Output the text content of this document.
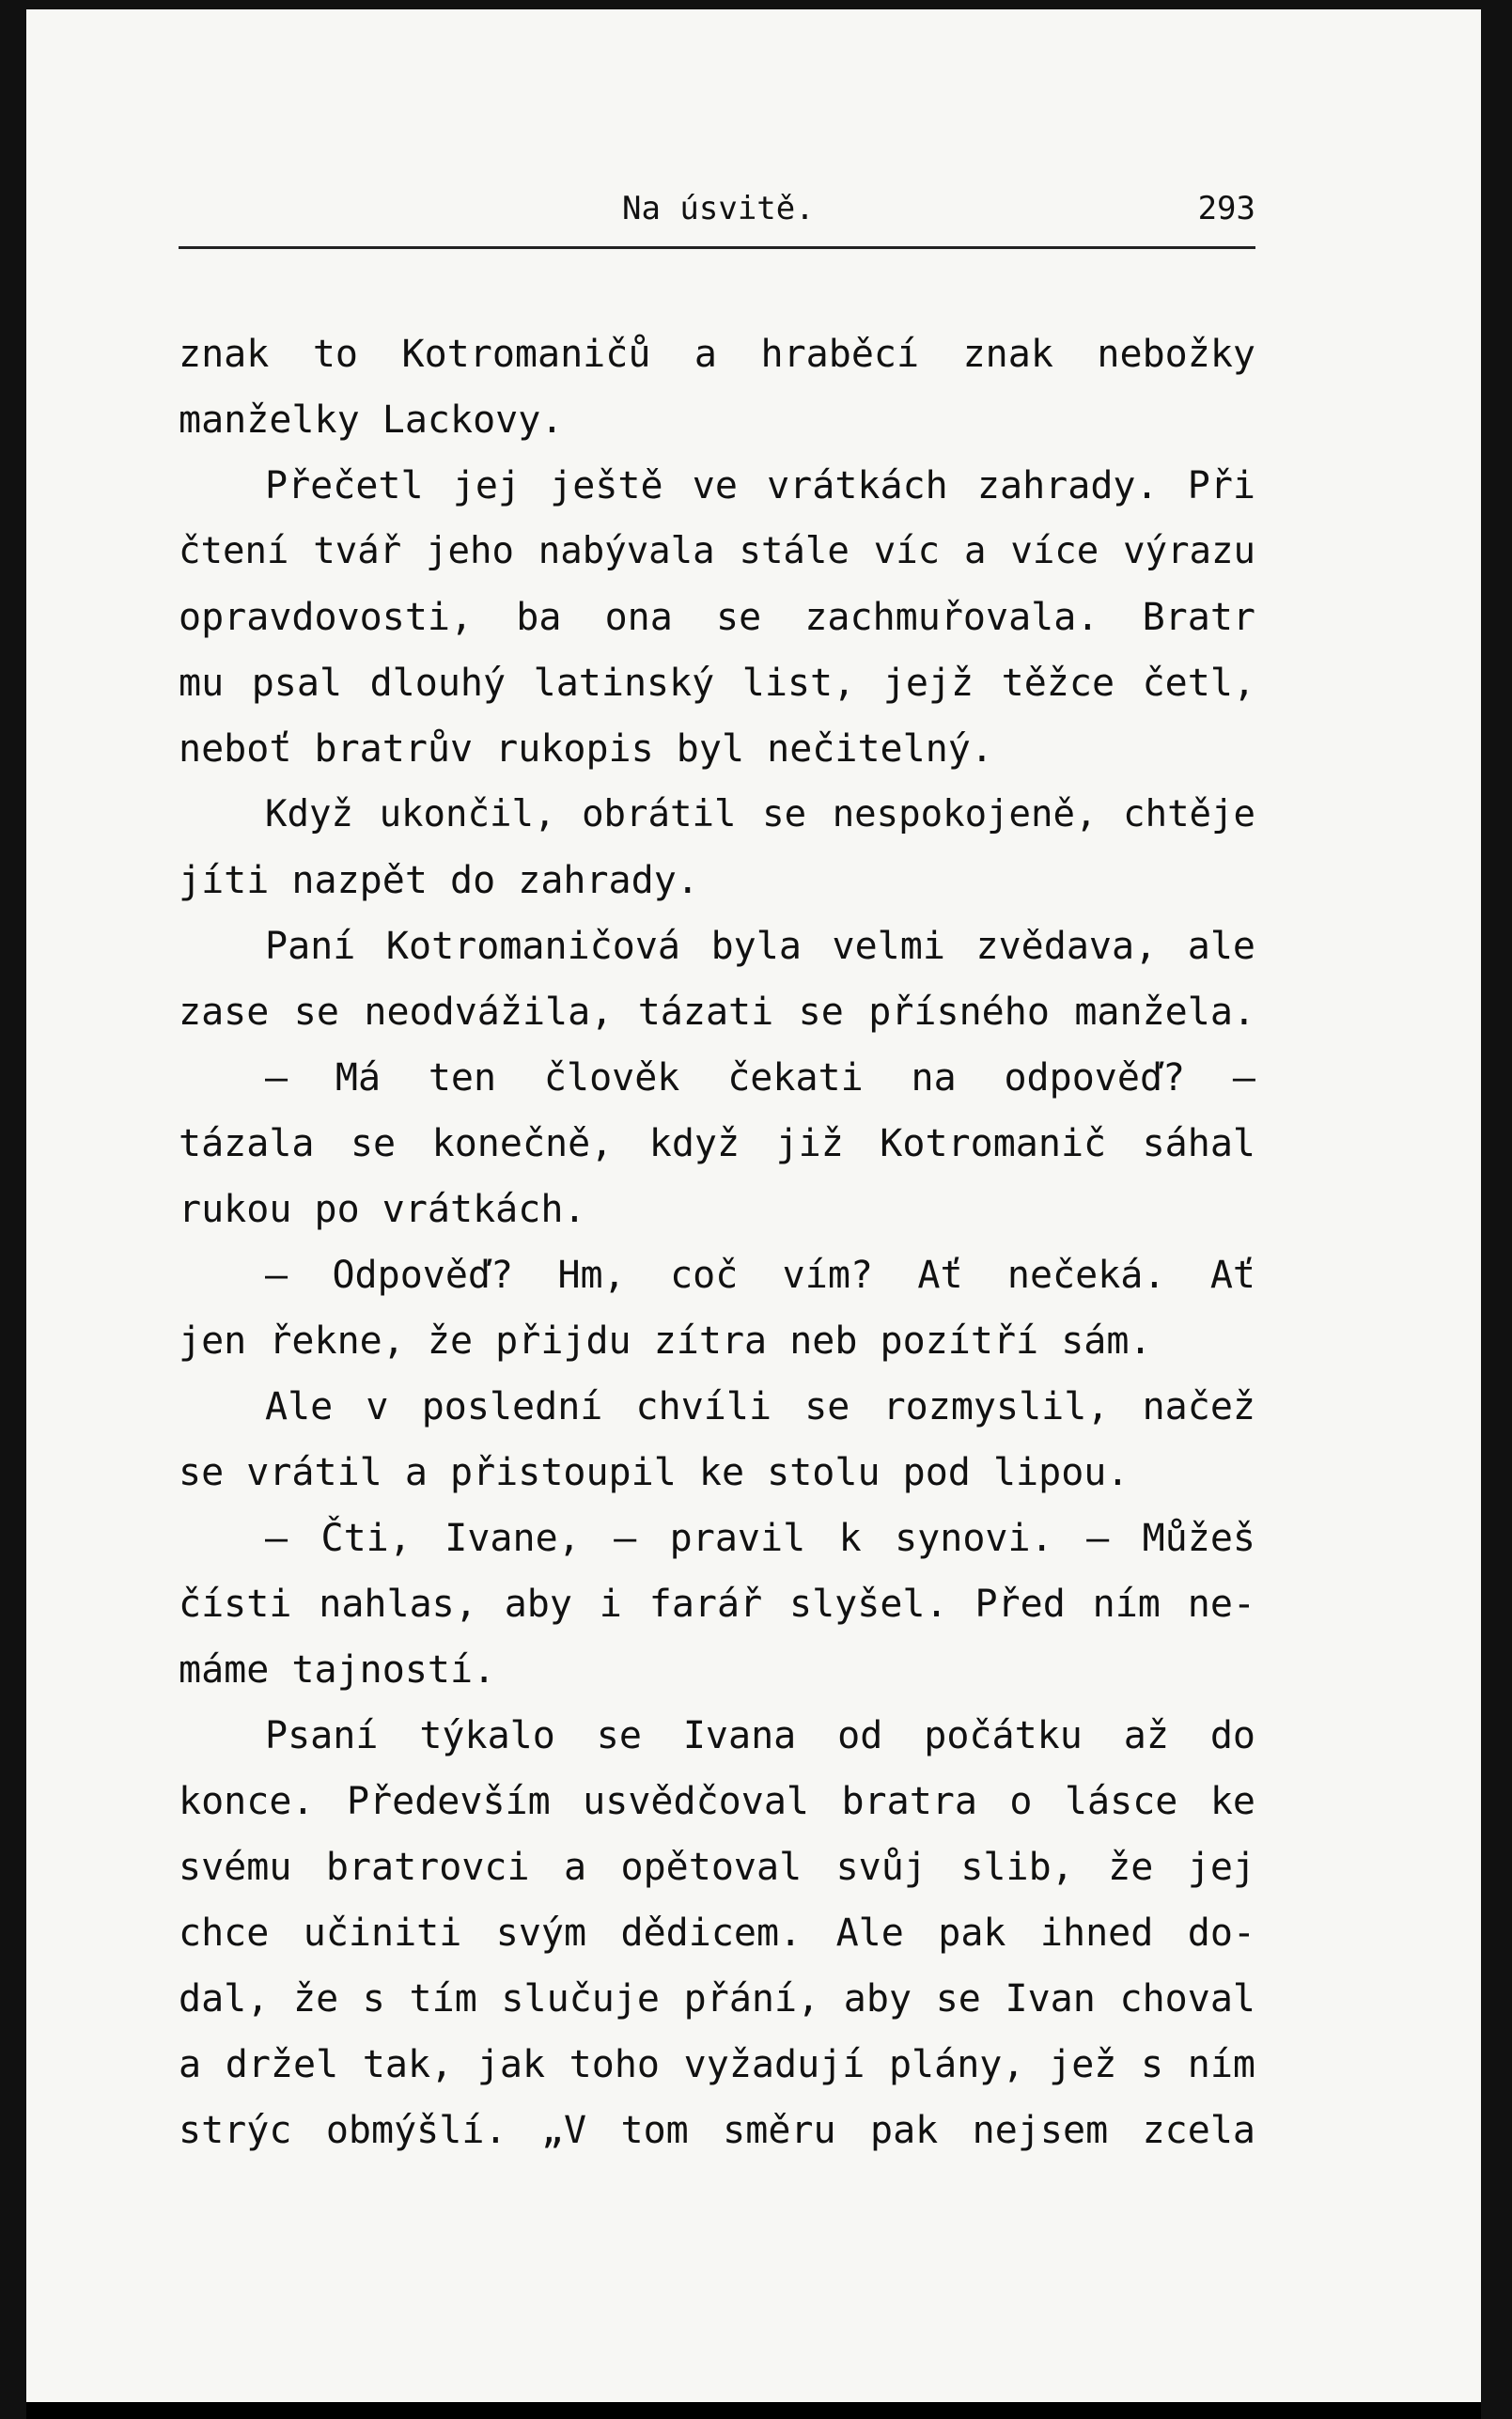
Na úsvitě.	293
znak to Kotromaničů a hraběcí znak nebožky
manželky Lackovy.
Přečetl jej ještě ve vrátkách zahrady. Při
čtení tvář jeho nabývala stále víc a více výrazu
opravdovosti, ba ona se zachmuřovala. Bratr
mu psal dlouhý latinský list, jejž těžce četl,
neboť bratrův rukopis byl nečitelný.
Když ukončil, obrátil se nespokojeně, chtěje
jíti nazpět do zahrady.
Paní Kotromaničová byla velmi zvědava, ale
zase se neodvážila, tázati se přísného manžela.
— Má ten člověk čekati na odpověď? —
tázala se konečně, když již Kotromanič sáhal
rukou po vrátkách.
— Odpověď? Hm, coč vím? Ať nečeká. Ať
jen řekne, že přijdu zítra neb pozítří sám.
Ale v poslední chvíli se rozmyslil, načež
se vrátil a přistoupil ke stolu pod lipou.
— Čti, Ivane, — pravil k synovi. — Můžeš
čísti nahlas, aby i farář slyšel. Před ním ne-
máme tajností.
Psaní týkalo se Ivana od počátku až do
konce. Především usvědčoval bratra o lásce ke
svému bratrovci a opětoval svůj slib, že jej
chce učiniti svým dědicem. Ale pak ihned do-
dal, že s tím slučuje přání, aby se Ivan choval
a držel tak, jak toho vyžadují plány, jež s ním
strýc obmýšlí. „V tom směru pak nejsem zcela
